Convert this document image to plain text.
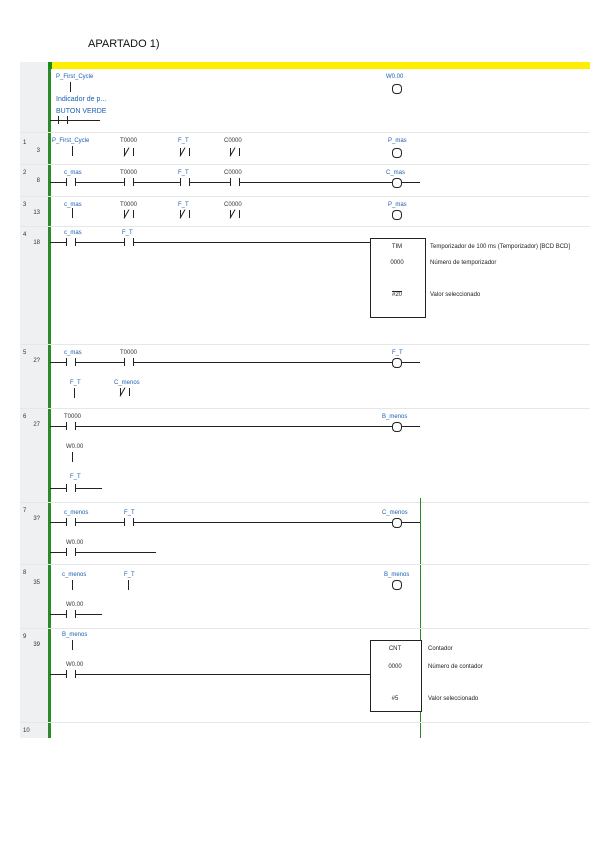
APARTADO 1)
P_First_Cycle
Indicador de p...
BUTON VERDE
W0.00
1
3
P_First_Cycle	T0000	F_T	C0000	P_mas
2
8
c_mas	T0000	F_T	C0000	C_mas
3
13
c_mas	T0000	F_T	C0000	P_mas
4
18
c_mas	F_T
TIM
0000
#20
Temporizador de 100 ms (Temporizador) [BCD BCD]
Número de temporizador
Valor seleccionado
5
2?
c_mas	T0000	F_T
F_T	C_menos
6
27
T0000	B_menos
W0.00
F_T
7
3?
c_menos	F_T	C_menos
W0.00
8
35
c_menos	F_T	B_menos
W0.00
9
39
B_menos
W0.00
CNT
0000
#5
Contador
Número de contador
Valor seleccionado
10
